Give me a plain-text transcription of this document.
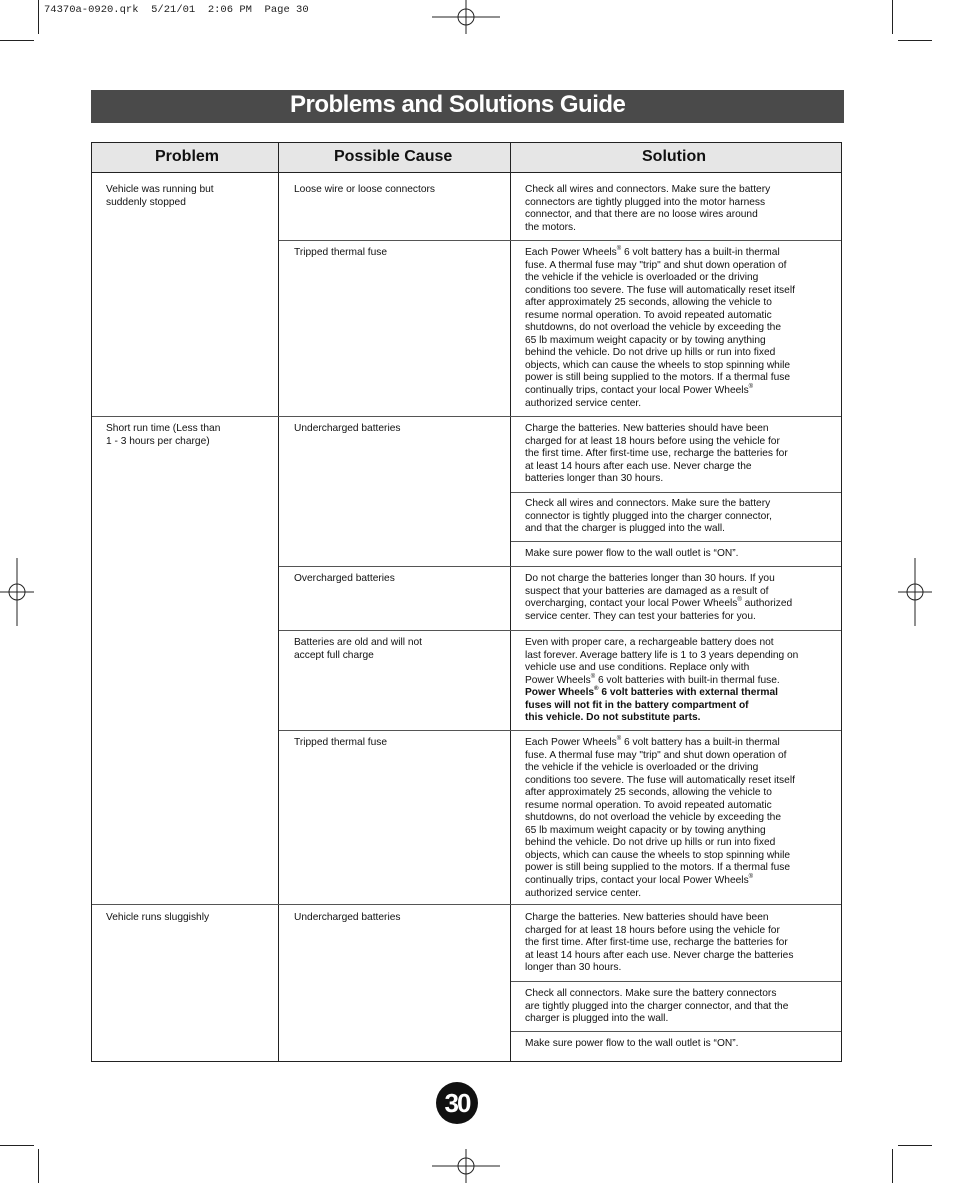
74370a-0920.qrk  5/21/01  2:06 PM  Page 30
Problems and Solutions Guide
Problem	Possible Cause	Solution
Vehicle was running but
suddenly stopped
Short run time (Less than
1 - 3 hours per charge)
Vehicle runs sluggishly
Loose wire or loose connectors
Tripped thermal fuse
Undercharged batteries
Overcharged batteries
Batteries are old and will not
accept full charge
Tripped thermal fuse
Undercharged batteries
Check all wires and connectors. Make sure the battery
connectors are tightly plugged into the motor harness
connector, and that there are no loose wires around
the motors.
Each Power Wheels® 6 volt battery has a built-in thermal
fuse. A thermal fuse may "trip" and shut down operation of
the vehicle if the vehicle is overloaded or the driving
conditions too severe. The fuse will automatically reset itself
after approximately 25 seconds, allowing the vehicle to
resume normal operation. To avoid repeated automatic
shutdowns, do not overload the vehicle by exceeding the
65 lb maximum weight capacity or by towing anything
behind the vehicle. Do not drive up hills or run into fixed
objects, which can cause the wheels to stop spinning while
power is still being supplied to the motors. If a thermal fuse
continually trips, contact your local Power Wheels®
authorized service center.
Charge the batteries. New batteries should have been
charged for at least 18 hours before using the vehicle for
the first time. After first-time use, recharge the batteries for
at least 14 hours after each use. Never charge the
batteries longer than 30 hours.
Check all wires and connectors. Make sure the battery
connector is tightly plugged into the charger connector,
and that the charger is plugged into the wall.
Make sure power flow to the wall outlet is “ON”.
Do not charge the batteries longer than 30 hours. If you
suspect that your batteries are damaged as a result of
overcharging, contact your local Power Wheels® authorized
service center. They can test your batteries for you.
Even with proper care, a rechargeable battery does not
last forever. Average battery life is 1 to 3 years depending on
vehicle use and use conditions. Replace only with
Power Wheels® 6 volt batteries with built-in thermal fuse.
Power Wheels® 6 volt batteries with external thermal
fuses will not fit in the battery compartment of
this vehicle. Do not substitute parts.
Each Power Wheels® 6 volt battery has a built-in thermal
fuse. A thermal fuse may "trip" and shut down operation of
the vehicle if the vehicle is overloaded or the driving
conditions too severe. The fuse will automatically reset itself
after approximately 25 seconds, allowing the vehicle to
resume normal operation. To avoid repeated automatic
shutdowns, do not overload the vehicle by exceeding the
65 lb maximum weight capacity or by towing anything
behind the vehicle. Do not drive up hills or run into fixed
objects, which can cause the wheels to stop spinning while
power is still being supplied to the motors. If a thermal fuse
continually trips, contact your local Power Wheels®
authorized service center.
Charge the batteries. New batteries should have been
charged for at least 18 hours before using the vehicle for
the first time. After first-time use, recharge the batteries for
at least 14 hours after each use. Never charge the batteries
longer than 30 hours.
Check all connectors. Make sure the battery connectors
are tightly plugged into the charger connector, and that the
charger is plugged into the wall.
Make sure power flow to the wall outlet is “ON”.
30
